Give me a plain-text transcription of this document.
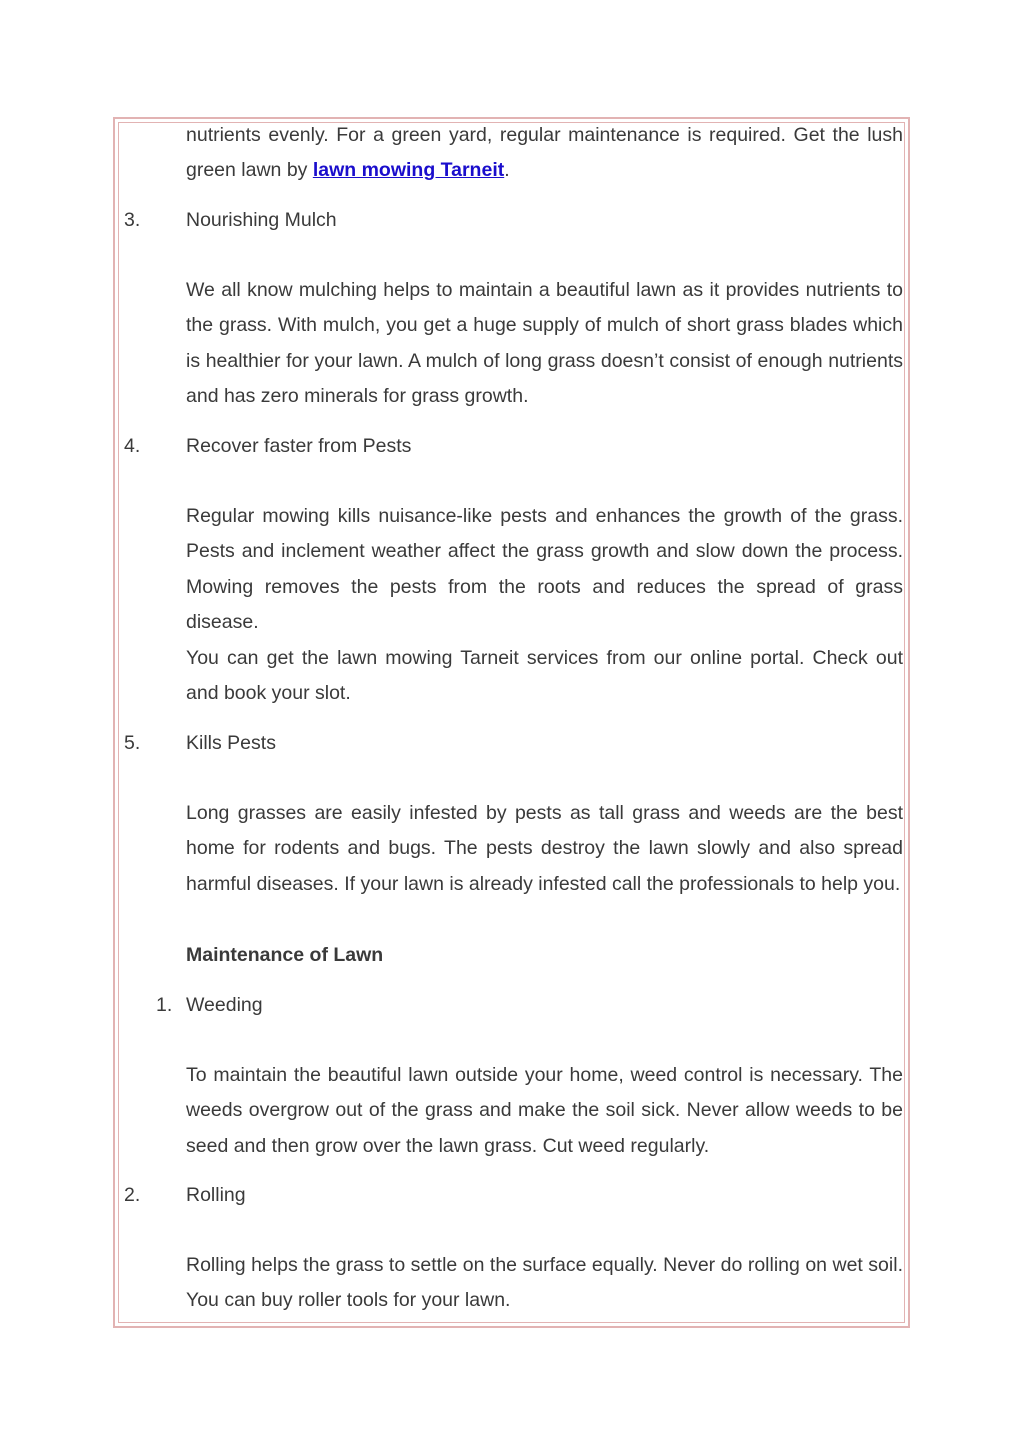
nutrients evenly. For a green yard, regular maintenance is required. Get the lush green lawn by lawn mowing Tarneit.
3. Nourishing Mulch
We all know mulching helps to maintain a beautiful lawn as it provides nutrients to the grass. With mulch, you get a huge supply of mulch of short grass blades which is healthier for your lawn. A mulch of long grass doesn’t consist of enough nutrients and has zero minerals for grass growth.
4. Recover faster from Pests
Regular mowing kills nuisance-like pests and enhances the growth of the grass. Pests and inclement weather affect the grass growth and slow down the process. Mowing removes the pests from the roots and reduces the spread of grass disease.
You can get the lawn mowing Tarneit services from our online portal. Check out and book your slot.
5. Kills Pests
Long grasses are easily infested by pests as tall grass and weeds are the best home for rodents and bugs. The pests destroy the lawn slowly and also spread harmful diseases. If your lawn is already infested call the professionals to help you.
Maintenance of Lawn
1. Weeding
To maintain the beautiful lawn outside your home, weed control is necessary. The weeds overgrow out of the grass and make the soil sick. Never allow weeds to be seed and then grow over the lawn grass. Cut weed regularly.
2. Rolling
Rolling helps the grass to settle on the surface equally. Never do rolling on wet soil. You can buy roller tools for your lawn.
